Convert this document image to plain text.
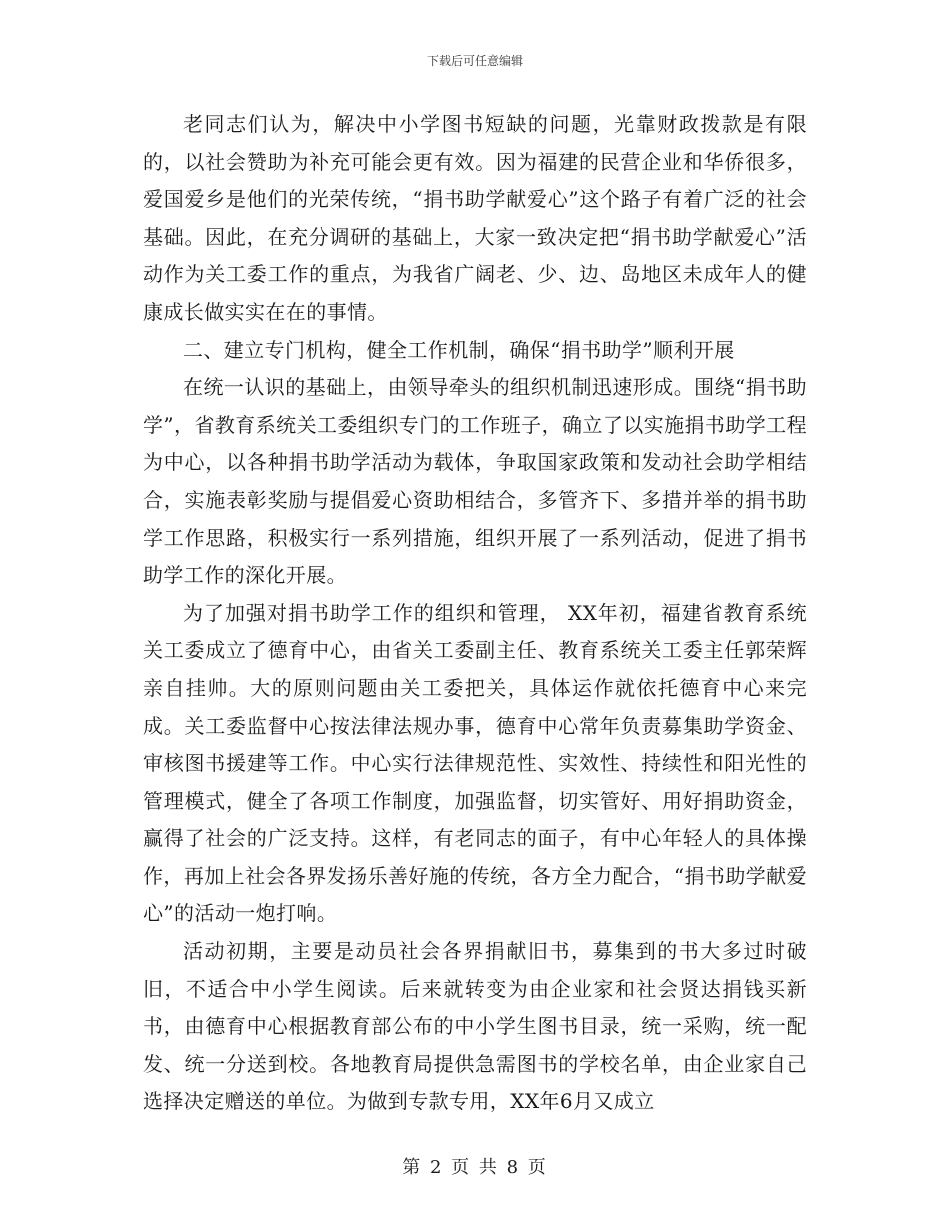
下载后可任意编辑

老同志们认为，解决中小学图书短缺的问题，光靠财政拨款是有限的，以社会赞助为补充可能会更有效。因为福建的民营企业和华侨很多，爱国爱乡是他们的光荣传统，“捐书助学献爱心”这个路子有着广泛的社会基础。因此，在充分调研的基础上，大家一致决定把“捐书助学献爱心”活动作为关工委工作的重点，为我省广阔老、少、边、岛地区未成年人的健康成长做实实在在的事情。

二、建立专门机构，健全工作机制，确保“捐书助学”顺利开展

在统一认识的基础上，由领导牵头的组织机制迅速形成。围绕“捐书助学”，省教育系统关工委组织专门的工作班子，确立了以实施捐书助学工程为中心，以各种捐书助学活动为载体，争取国家政策和发动社会助学相结合，实施表彰奖励与提倡爱心资助相结合，多管齐下、多措并举的捐书助学工作思路，积极实行一系列措施，组织开展了一系列活动，促进了捐书助学工作的深化开展。

为了加强对捐书助学工作的组织和管理， XX年初，福建省教育系统关工委成立了德育中心，由省关工委副主任、教育系统关工委主任郭荣辉亲自挂帅。大的原则问题由关工委把关，具体运作就依托德育中心来完成。关工委监督中心按法律法规办事，德育中心常年负责募集助学资金、审核图书援建等工作。中心实行法律规范性、实效性、持续性和阳光性的管理模式，健全了各项工作制度，加强监督，切实管好、用好捐助资金，赢得了社会的广泛支持。这样，有老同志的面子，有中心年轻人的具体操作，再加上社会各界发扬乐善好施的传统，各方全力配合，“捐书助学献爱心”的活动一炮打响。

活动初期，主要是动员社会各界捐献旧书，募集到的书大多过时破旧，不适合中小学生阅读。后来就转变为由企业家和社会贤达捐钱买新书，由德育中心根据教育部公布的中小学生图书目录，统一采购，统一配发、统一分送到校。各地教育局提供急需图书的学校名单，由企业家自己选择决定赠送的单位。为做到专款专用，XX年6月又成立

第 2 页 共 8 页
